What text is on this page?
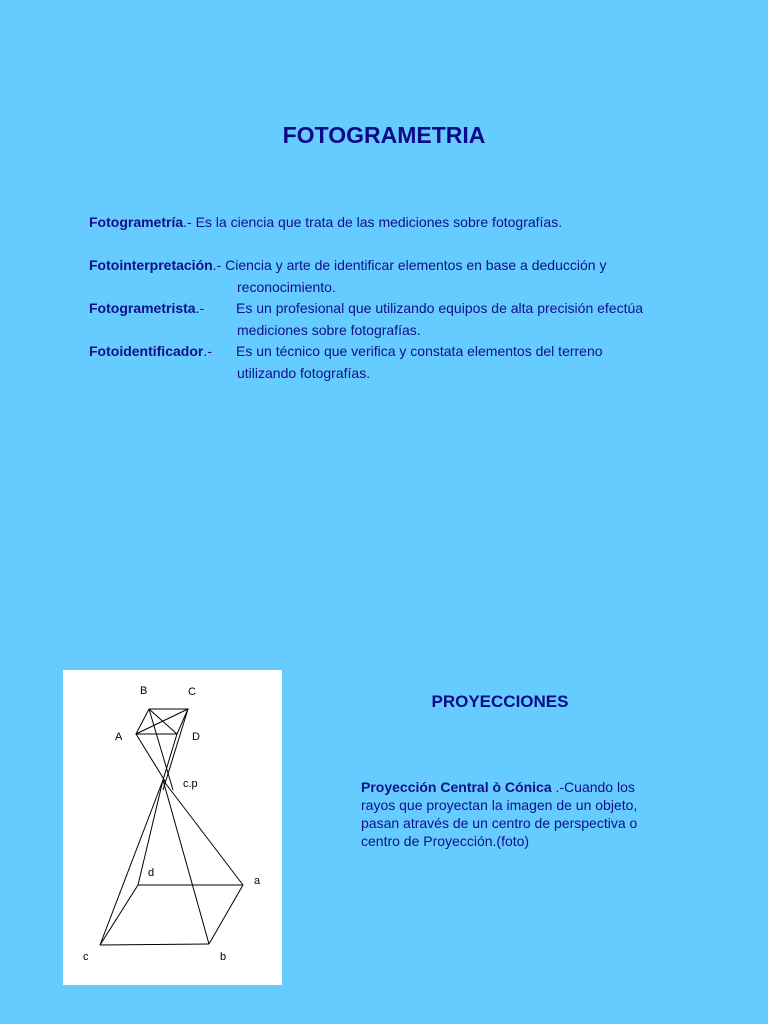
FOTOGRAMETRIA
Fotogrametría .- Es la ciencia que trata de las mediciones sobre fotografías.
Fotointerpretación.- Ciencia y arte de identificar elementos en base a deducción y
reconocimiento.
Fotogrametrista.-	Es un profesional que utilizando equipos de alta precisión efectúa
mediciones sobre fotografías.
Fotoidentificador.-	Es un técnico que verifica y constata elementos del terreno
utilizando fotografías.
B	C
A	D
c.p
d
a
c	b
PROYECCIONES
Proyección Central ò Cónica .-Cuando los rayos que proyectan la imagen de un objeto, pasan através de un centro de perspectiva o centro de Proyección.(foto)
